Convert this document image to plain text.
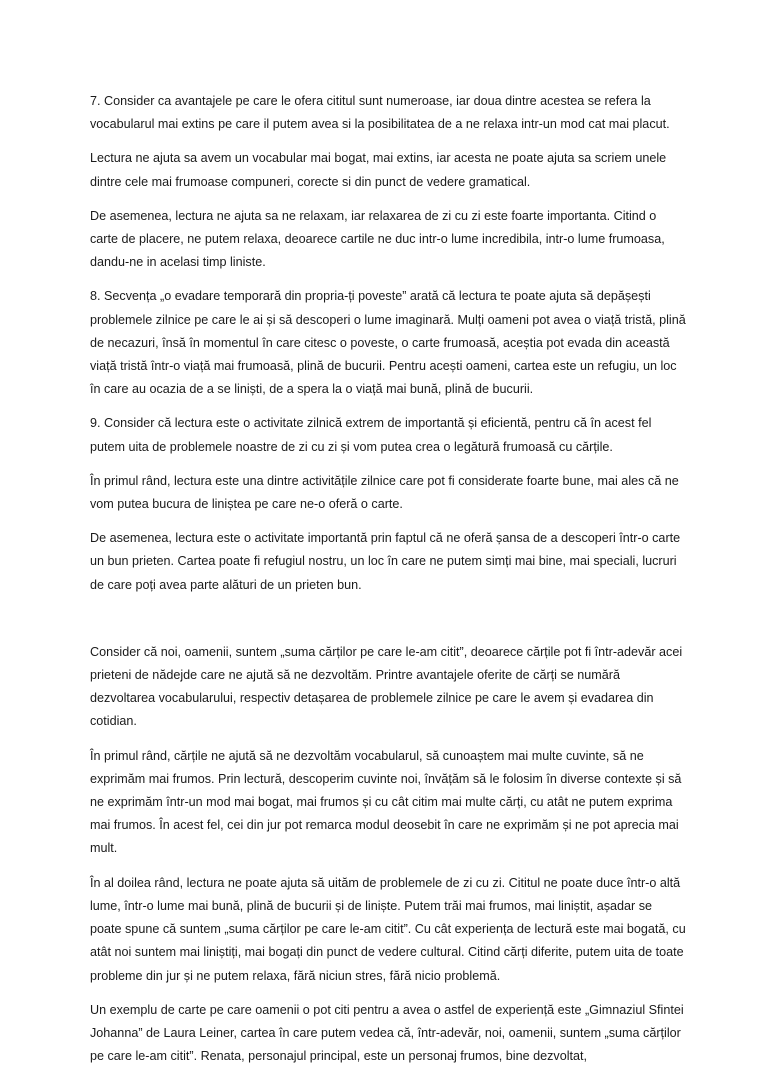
7. Consider ca avantajele pe care le ofera cititul sunt numeroase, iar doua dintre acestea se refera la vocabularul mai extins pe care il putem avea si la posibilitatea de a ne relaxa intr-un mod cat mai placut.

Lectura ne ajuta sa avem un vocabular mai bogat, mai extins, iar acesta ne poate ajuta sa scriem unele dintre cele mai frumoase compuneri, corecte si din punct de vedere gramatical.

De asemenea, lectura ne ajuta sa ne relaxam, iar relaxarea de zi cu zi este foarte importanta. Citind o carte de placere, ne putem relaxa, deoarece cartile ne duc intr-o lume incredibila, intr-o lume frumoasa, dandu-ne in acelasi timp liniste.

8. Secvența „o evadare temporară din propria-ți poveste” arată că lectura te poate ajuta să depășești problemele zilnice pe care le ai și să descoperi o lume imaginară. Mulți oameni pot avea o viață tristă, plină de necazuri, însă în momentul în care citesc o poveste, o carte frumoasă, aceștia pot evada din această viață tristă într-o viață mai frumoasă, plină de bucurii. Pentru acești oameni, cartea este un refugiu, un loc în care au ocazia de a se liniști, de a spera la o viață mai bună, plină de bucurii.

9. Consider că lectura este o activitate zilnică extrem de importantă și eficientă, pentru că în acest fel putem uita de problemele noastre de zi cu zi și vom putea crea o legătură frumoasă cu cărțile.

În primul rând, lectura este una dintre activitățile zilnice care pot fi considerate foarte bune, mai ales că ne vom putea bucura de liniștea pe care ne-o oferă o carte.

De asemenea, lectura este o activitate importantă prin faptul că ne oferă șansa de a descoperi într-o carte un bun prieten. Cartea poate fi refugiul nostru, un loc în care ne putem simți mai bine, mai speciali, lucruri de care poți avea parte alături de un prieten bun.

Consider că noi, oamenii, suntem „suma cărților pe care le-am citit”, deoarece cărțile pot fi într-adevăr acei prieteni de nădejde care ne ajută să ne dezvoltăm. Printre avantajele oferite de cărți se numără dezvoltarea vocabularului, respectiv detașarea de problemele zilnice pe care le avem și evadarea din cotidian.

În primul rând, cărțile ne ajută să ne dezvoltăm vocabularul, să cunoaștem mai multe cuvinte, să ne exprimăm mai frumos. Prin lectură, descoperim cuvinte noi, învățăm să le folosim în diverse contexte și să ne exprimăm într-un mod mai bogat, mai frumos și cu cât citim mai multe cărți, cu atât ne putem exprima mai frumos. În acest fel, cei din jur pot remarca modul deosebit în care ne exprimăm și ne pot aprecia mai mult.

În al doilea rând, lectura ne poate ajuta să uităm de problemele de zi cu zi. Cititul ne poate duce într-o altă lume, într-o lume mai bună, plină de bucurii și de liniște. Putem trăi mai frumos, mai liniștit, așadar se poate spune că suntem „suma cărților pe care le-am citit”. Cu cât experiența de lectură este mai bogată, cu atât noi suntem mai liniștiți, mai bogați din punct de vedere cultural. Citind cărți diferite, putem uita de toate probleme din jur și ne putem relaxa, fără niciun stres, fără nicio problemă.

Un exemplu de carte pe care oamenii o pot citi pentru a avea o astfel de experiență este „Gimnaziul Sfintei Johanna” de Laura Leiner, cartea în care putem vedea că, într-adevăr, noi, oamenii, suntem „suma cărților pe care le-am citit”. Renata, personajul principal, este un personaj frumos, bine dezvoltat,
